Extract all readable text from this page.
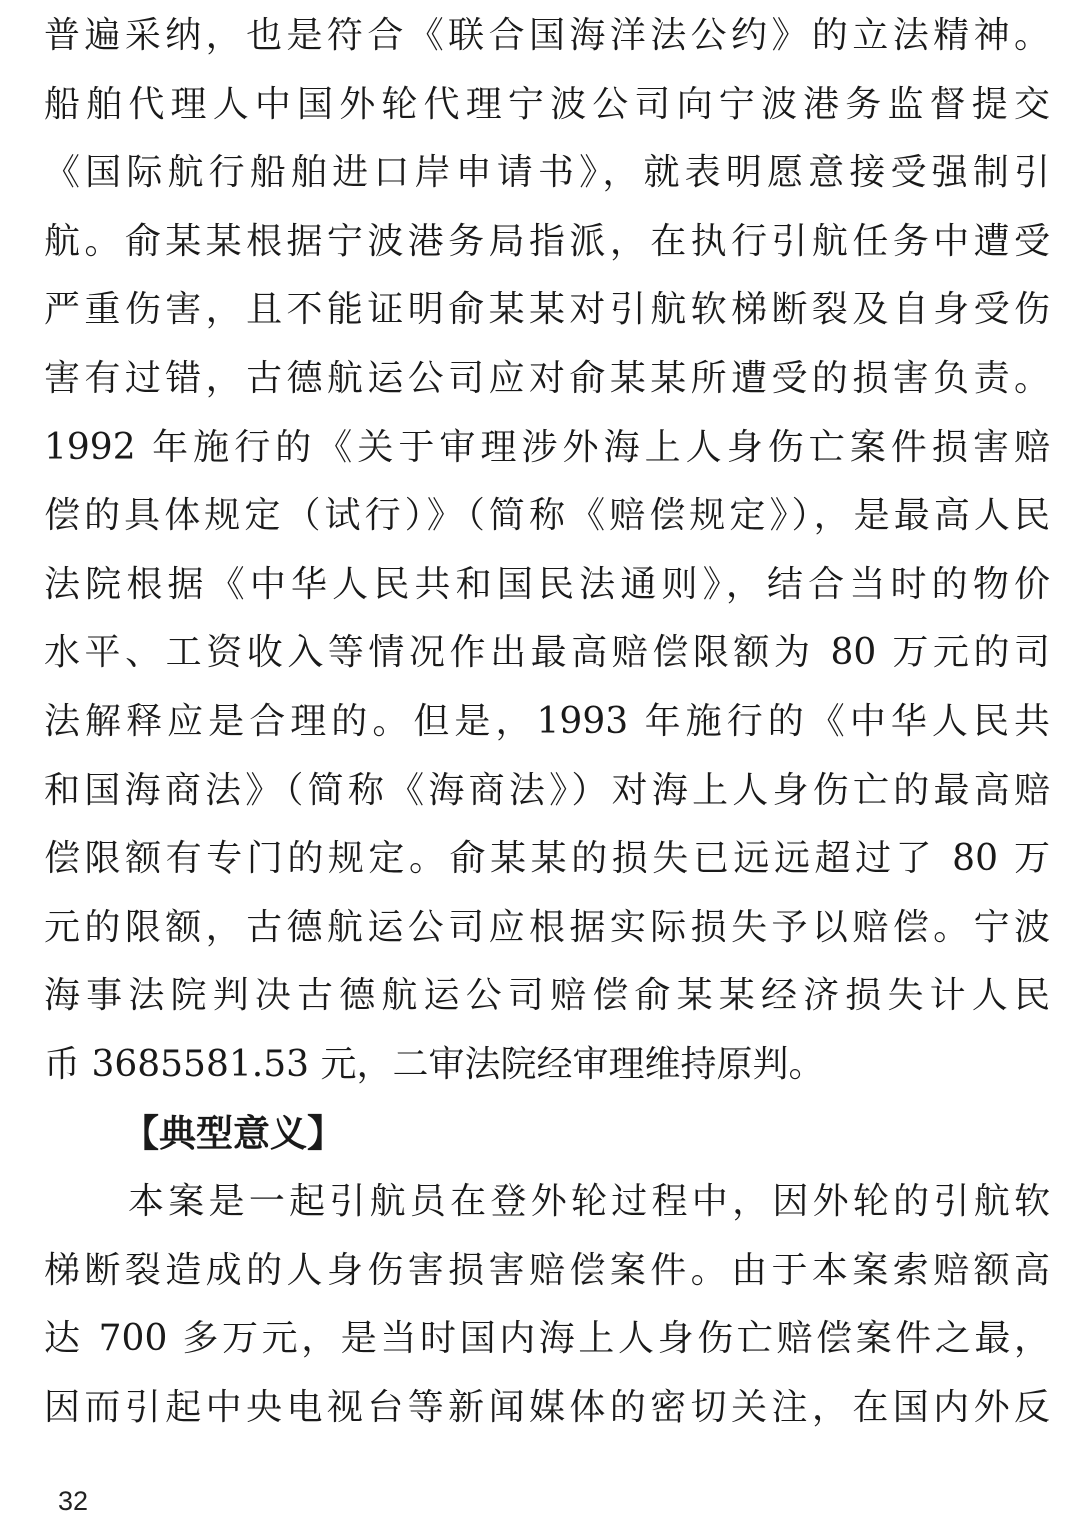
普遍采纳，也是符合《联合国海洋法公约》的立法精神。
船舶代理人中国外轮代理宁波公司向宁波港务监督提交
《国际航行船舶进口岸申请书》，就表明愿意接受强制引
航。俞某某根据宁波港务局指派，在执行引航任务中遭受
严重伤害，且不能证明俞某某对引航软梯断裂及自身受伤
害有过错，古德航运公司应对俞某某所遭受的损害负责。
1992 年施行的《关于审理涉外海上人身伤亡案件损害赔
偿的具体规定（试行）》（简称《赔偿规定》），是最高人民
法院根据《中华人民共和国民法通则》，结合当时的物价
水平、工资收入等情况作出最高赔偿限额为 80 万元的司
法解释应是合理的。但是，1993 年施行的《中华人民共
和国海商法》（简称《海商法》）对海上人身伤亡的最高赔
偿限额有专门的规定。俞某某的损失已远远超过了 80 万
元的限额，古德航运公司应根据实际损失予以赔偿。宁波
海事法院判决古德航运公司赔偿俞某某经济损失计人民
币 3685581.53 元，二审法院经审理维持原判。
【典型意义】
本案是一起引航员在登外轮过程中，因外轮的引航软
梯断裂造成的人身伤害损害赔偿案件。由于本案索赔额高
达 700 多万元，是当时国内海上人身伤亡赔偿案件之最，
因而引起中央电视台等新闻媒体的密切关注，在国内外反
32
